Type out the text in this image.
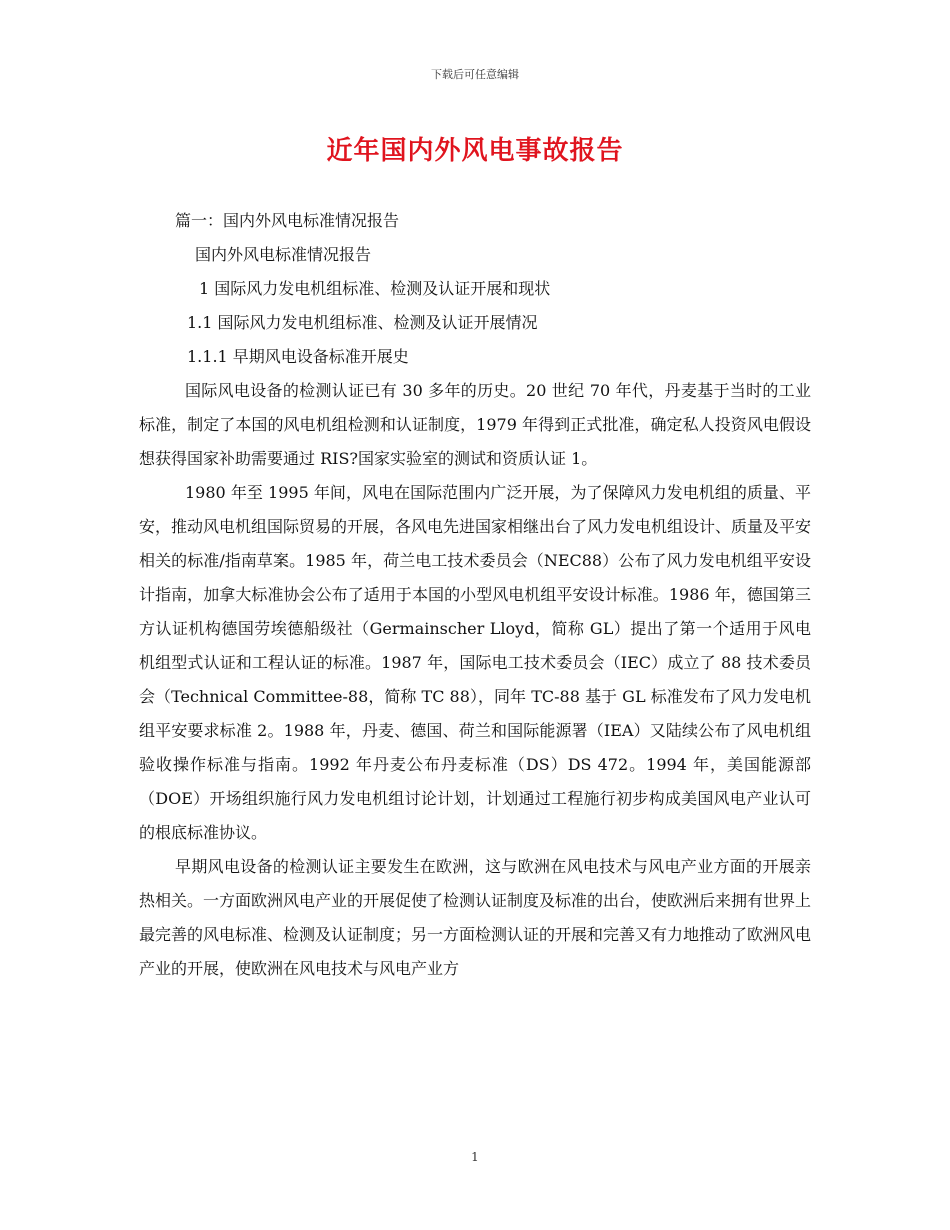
下载后可任意编辑
近年国内外风电事故报告

篇一：国内外风电标准情况报告

国内外风电标准情况报告

1 国际风力发电机组标准、检测及认证开展和现状

1.1 国际风力发电机组标准、检测及认证开展情况

1.1.1 早期风电设备标准开展史

国际风电设备的检测认证已有 30 多年的历史。20 世纪 70 年代，丹麦基于当时的工业标准，制定了本国的风电机组检测和认证制度，1979 年得到正式批准，确定私人投资风电假设想获得国家补助需要通过 RIS?国家实验室的测试和资质认证 1。

1980 年至 1995 年间，风电在国际范围内广泛开展，为了保障风力发电机组的质量、平安，推动风电机组国际贸易的开展，各风电先进国家相继出台了风力发电机组设计、质量及平安相关的标准/指南草案。1985 年，荷兰电工技术委员会（NEC88）公布了风力发电机组平安设计指南，加拿大标准协会公布了适用于本国的小型风电机组平安设计标准。1986 年，德国第三方认证机构德国劳埃德船级社（Germainscher Lloyd，简称 GL）提出了第一个适用于风电机组型式认证和工程认证的标准。1987 年，国际电工技术委员会（IEC）成立了 88 技术委员会（Technical Committee-88，简称 TC 88），同年 TC-88 基于 GL 标准发布了风力发电机组平安要求标准 2。1988 年，丹麦、德国、荷兰和国际能源署（IEA）又陆续公布了风电机组验收操作标准与指南。1992 年丹麦公布丹麦标准（DS）DS 472。1994 年，美国能源部（DOE）开场组织施行风力发电机组讨论计划，计划通过工程施行初步构成美国风电产业认可的根底标准协议。

早期风电设备的检测认证主要发生在欧洲，这与欧洲在风电技术与风电产业方面的开展亲热相关。一方面欧洲风电产业的开展促使了检测认证制度及标准的出台，使欧洲后来拥有世界上最完善的风电标准、检测及认证制度；另一方面检测认证的开展和完善又有力地推动了欧洲风电产业的开展，使欧洲在风电技术与风电产业方

1
